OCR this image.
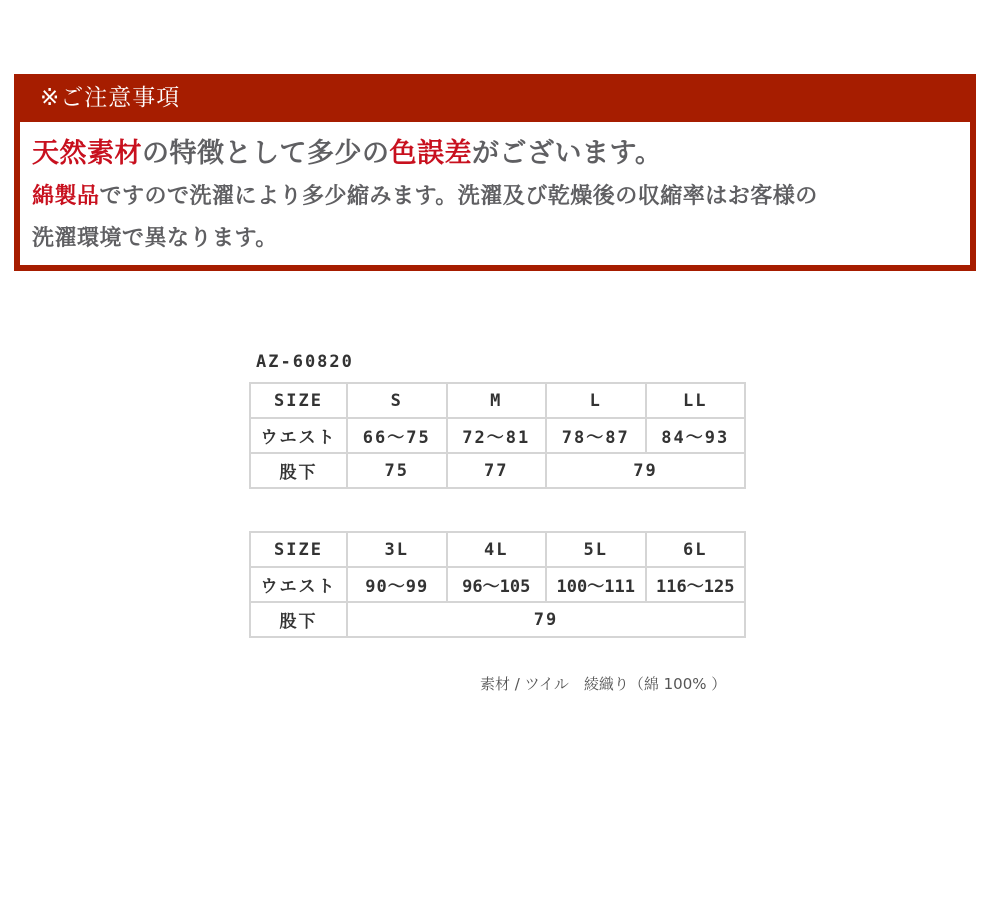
※ご注意事項
天然素材の特徴として多少の色誤差がございます。
綿製品ですので洗濯により多少縮みます。洗濯及び乾燥後の収縮率はお客様の
洗濯環境で異なります。
AZ-60820
SIZE	S	M	L	LL
ウエスト	66～75	72～81	78～87	84～93
股下	75	77	79	
SIZE	3L	4L	5L	6L
ウエスト	90～99	96～105	100～111	116～125
股下	79			
素材 / ツイル　綾織り（綿 100% ）
